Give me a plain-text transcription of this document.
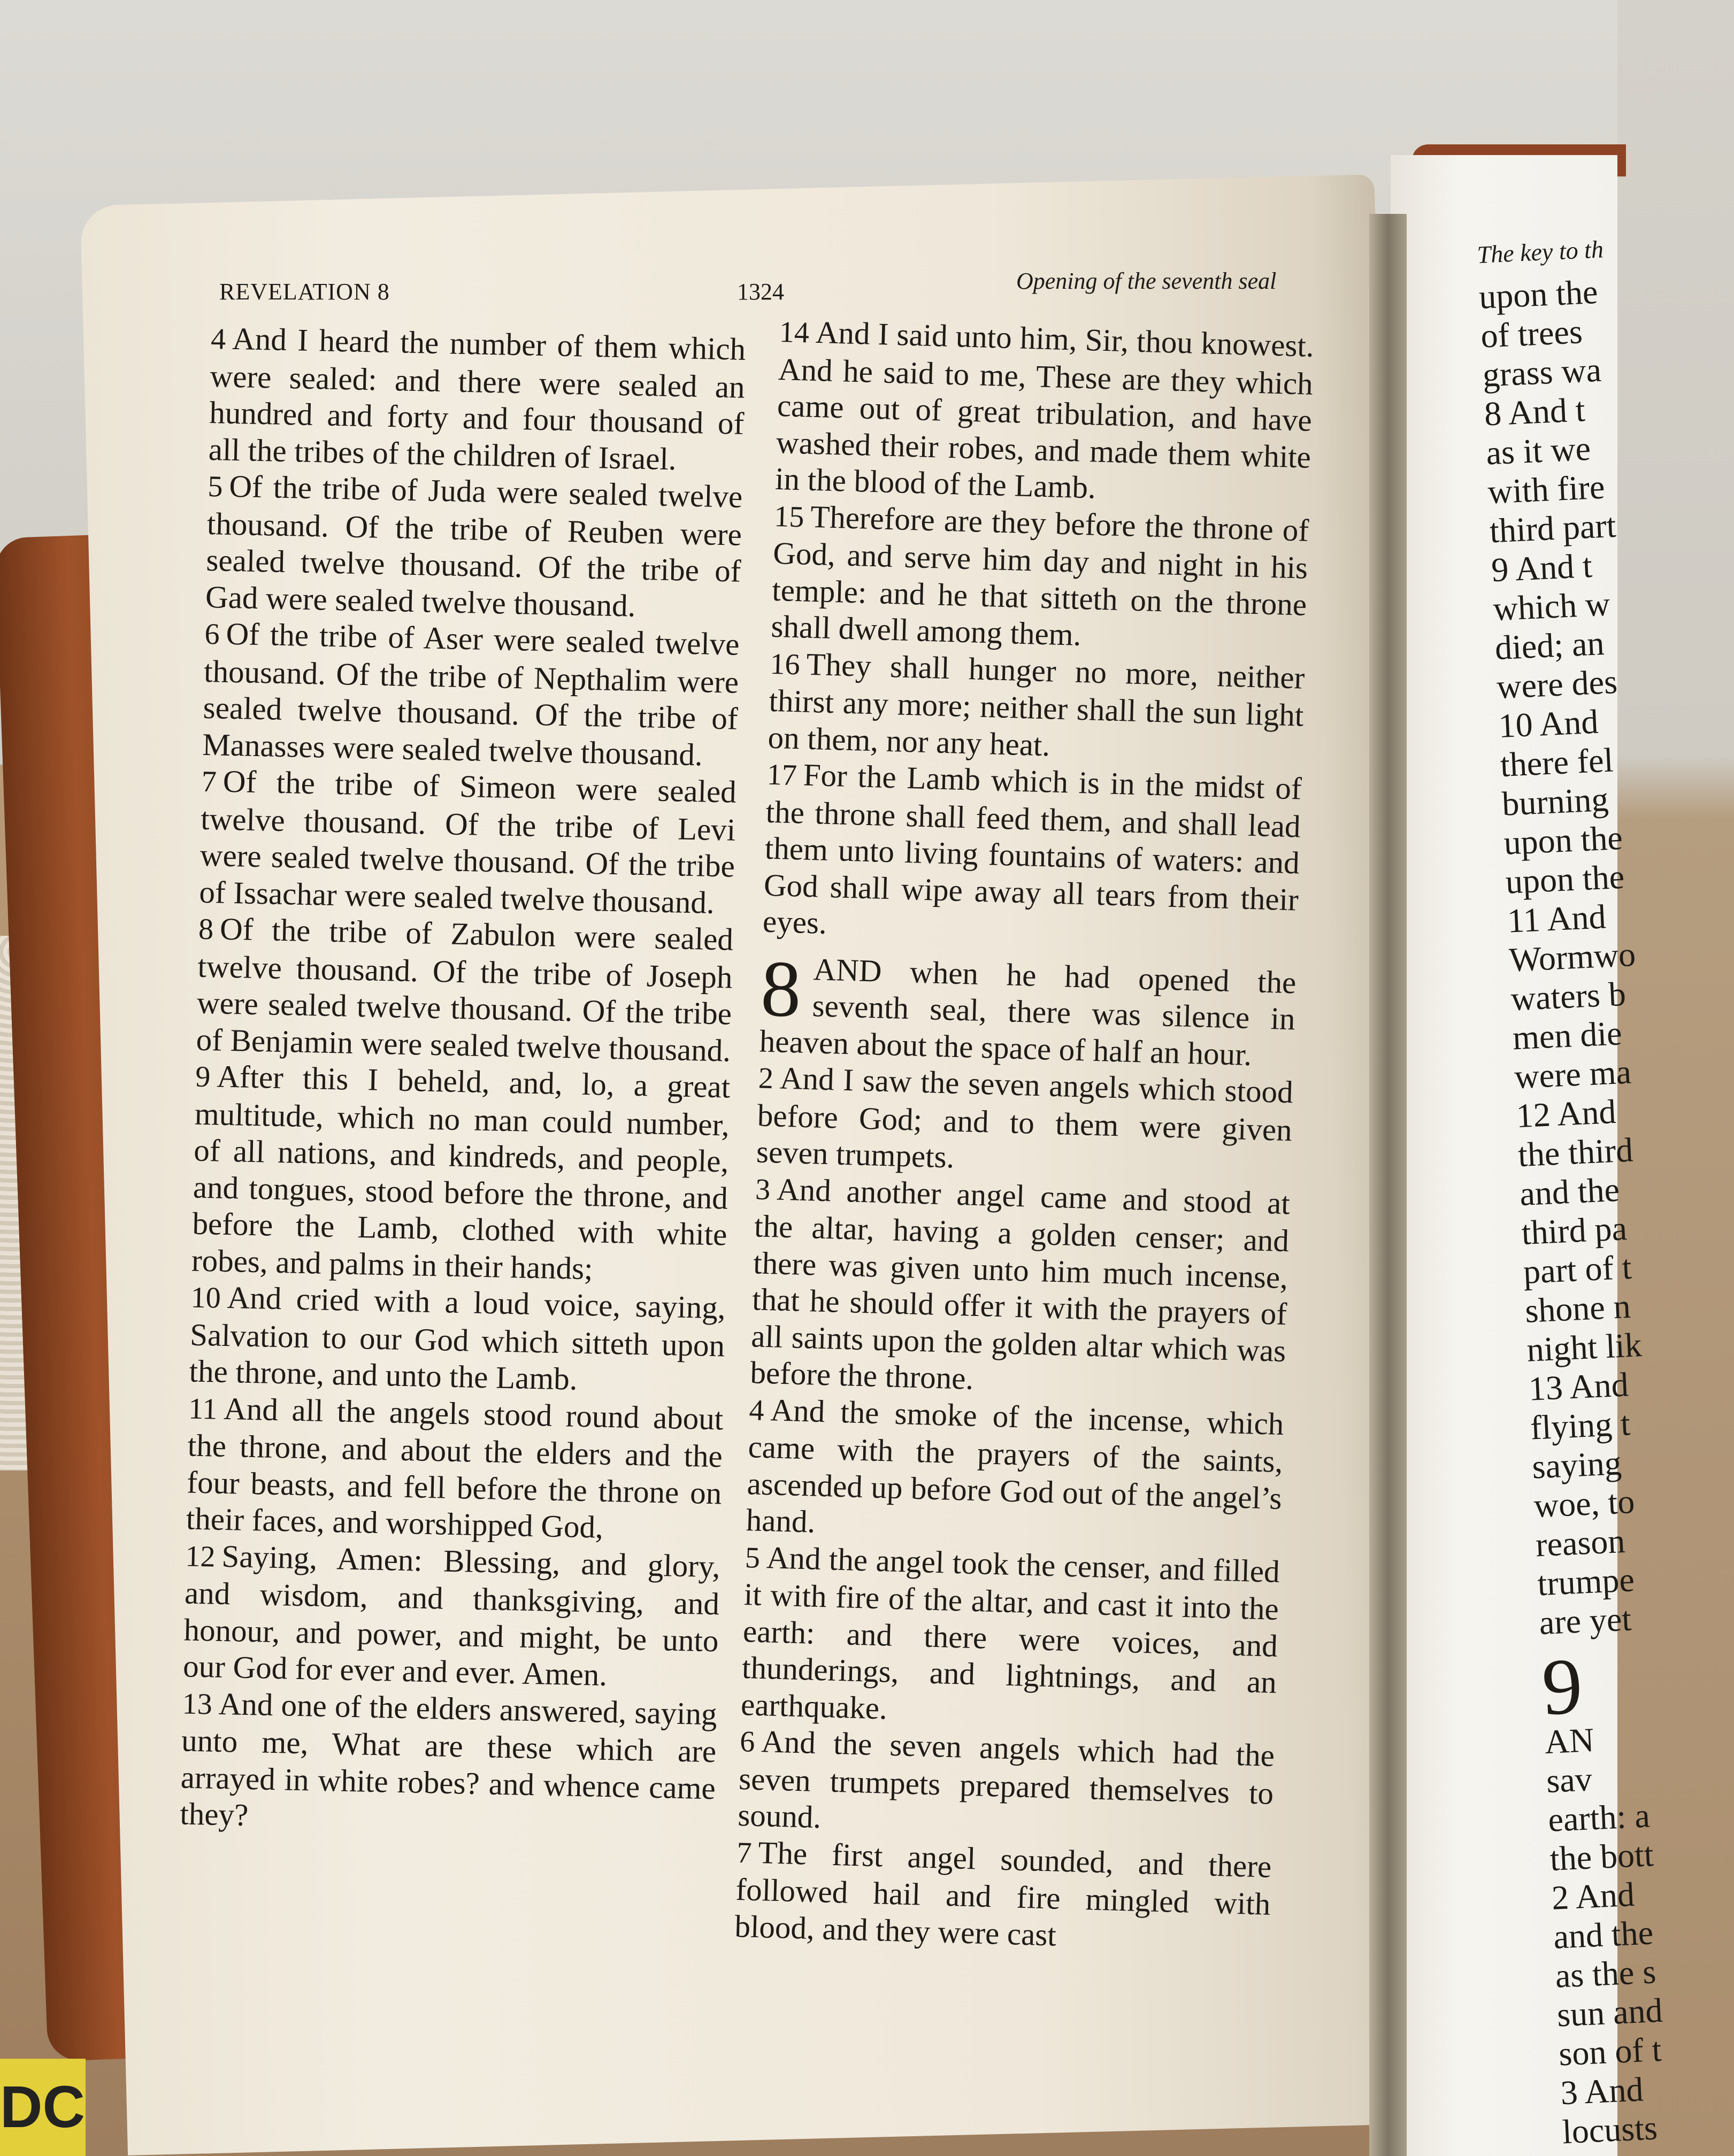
DC
REVELATION 8	1324	Opening of the seventh seal
4 And I heard the number of them which were sealed: and there were sealed an hundred and forty and four thousand of all the tribes of the children of Israel.
5 Of the tribe of Juda were sealed twelve thousand. Of the tribe of Reuben were sealed twelve thousand. Of the tribe of Gad were sealed twelve thousand.
6 Of the tribe of Aser were sealed twelve thousand. Of the tribe of Nepthalim were sealed twelve thousand. Of the tribe of Manasses were sealed twelve thousand.
7 Of the tribe of Simeon were sealed twelve thousand. Of the tribe of Levi were sealed twelve thousand. Of the tribe of Issachar were sealed twelve thousand.
8 Of the tribe of Zabulon were sealed twelve thousand. Of the tribe of Joseph were sealed twelve thousand. Of the tribe of Benjamin were sealed twelve thousand.
9 After this I beheld, and, lo, a great multitude, which no man could number, of all nations, and kindreds, and people, and tongues, stood before the throne, and before the Lamb, clothed with white robes, and palms in their hands;
10 And cried with a loud voice, saying, Salvation to our God which sitteth upon the throne, and unto the Lamb.
11 And all the angels stood round about the throne, and about the elders and the four beasts, and fell before the throne on their faces, and worshipped God,
12 Saying, Amen: Blessing, and glory, and wisdom, and thanksgiving, and honour, and power, and might, be unto our God for ever and ever. Amen.
13 And one of the elders answered, saying unto me, What are these which are arrayed in white robes? and whence came they?
14 And I said unto him, Sir, thou knowest. And he said to me, These are they which came out of great tribulation, and have washed their robes, and made them white in the blood of the Lamb.
15 Therefore are they before the throne of God, and serve him day and night in his temple: and he that sitteth on the throne shall dwell among them.
16 They shall hunger no more, neither thirst any more; neither shall the sun light on them, nor any heat.
17 For the Lamb which is in the midst of the throne shall feed them, and shall lead them unto living fountains of waters: and God shall wipe away all tears from their eyes.
8 AND when he had opened the seventh seal, there was silence in heaven about the space of half an hour.
2 And I saw the seven angels which stood before God; and to them were given seven trumpets.
3 And another angel came and stood at the altar, having a golden censer; and there was given unto him much incense, that he should offer it with the prayers of all saints upon the golden altar which was before the throne.
4 And the smoke of the incense, which came with the prayers of the saints, ascended up before God out of the angel’s hand.
5 And the angel took the censer, and filled it with fire of the altar, and cast it into the earth: and there were voices, and thunderings, and lightnings, and an earthquake.
6 And the seven angels which had the seven trumpets prepared themselves to sound.
7 The first angel sounded, and there followed hail and fire mingled with blood, and they were cast
The key to th
upon the
of trees
grass wa
8 And t
as it we
with fire
third part
9 And t
which w
died; an
were des
10 And
there fel
burning
upon the
upon the
11 And
Wormwo
waters b
men die
were ma
12 And
the third
and the
third pa
part of t
shone n
night lik
13 And
flying t
saying
woe, to
reason
trumpe
are yet
9
AN
sav
earth: a
the bott
2 And
and the
as the s
sun and
son of t
3 And
locusts
